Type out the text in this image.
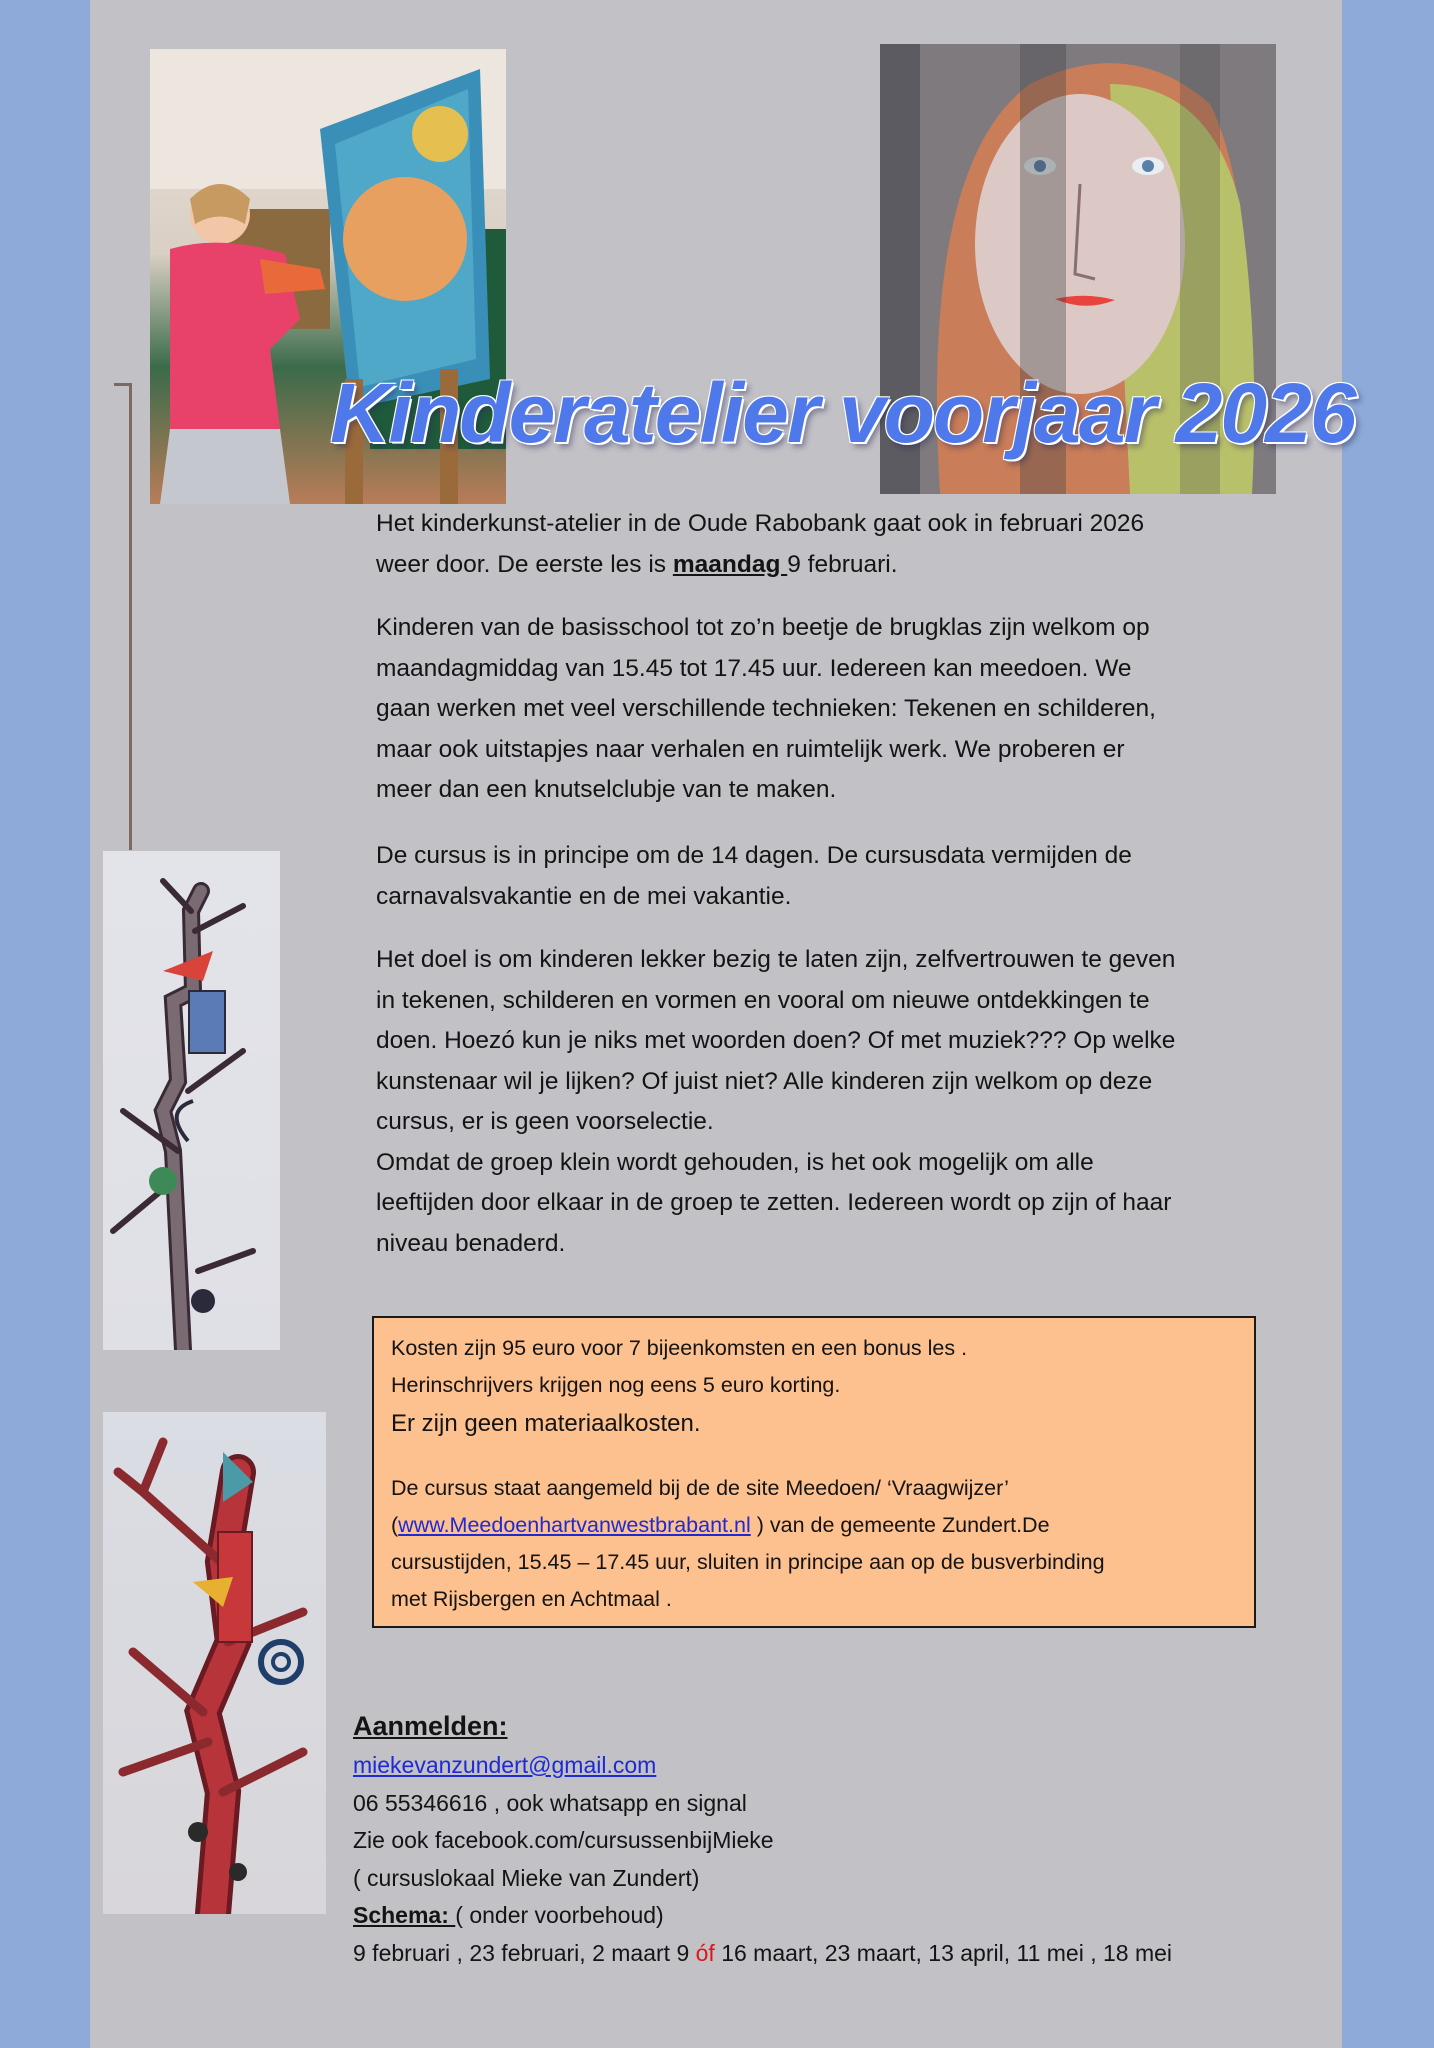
Kinderatelier voorjaar 2026
Het kinderkunst-atelier in de Oude Rabobank gaat ook in februari 2026
weer door. De eerste les is maandag 9 februari.
Kinderen van de basisschool tot zo’n beetje de brugklas zijn welkom op
maandagmiddag van 15.45 tot 17.45 uur. Iedereen kan meedoen. We
gaan werken met veel verschillende technieken: Tekenen en schilderen,
maar ook uitstapjes naar verhalen en ruimtelijk werk. We proberen er
meer dan een knutselclubje van te maken.
De cursus is in principe om de 14 dagen. De cursusdata vermijden de
carnavalsvakantie en de mei vakantie.
Het doel is om kinderen lekker bezig te laten zijn, zelfvertrouwen te geven
in tekenen, schilderen en vormen en vooral om nieuwe ontdekkingen te
doen. Hoezó kun je niks met woorden doen? Of met muziek??? Op welke
kunstenaar wil je lijken? Of juist niet? Alle kinderen zijn welkom op deze
cursus, er is geen voorselectie.
Omdat de groep klein wordt gehouden, is het ook mogelijk om alle
leeftijden door elkaar in de groep te zetten. Iedereen wordt op zijn of haar
niveau benaderd.
Kosten zijn 95 euro voor 7 bijeenkomsten en een bonus les .
Herinschrijvers krijgen nog eens 5 euro korting.
Er zijn geen materiaalkosten.
De cursus staat aangemeld bij de de site Meedoen/ ‘Vraagwijzer’
(www.Meedoenhartvanwestbrabant.nl ) van de gemeente Zundert.De
cursustijden, 15.45 – 17.45 uur, sluiten in principe aan op de busverbinding
met Rijsbergen en Achtmaal .
Aanmelden:
miekevanzundert@gmail.com
06 55346616 , ook whatsapp en signal
Zie ook facebook.com/cursussenbijMieke
( cursuslokaal Mieke van Zundert)
Schema: ( onder voorbehoud)
9 februari , 23 februari, 2 maart 9 óf 16 maart, 23 maart, 13 april, 11 mei , 18 mei
